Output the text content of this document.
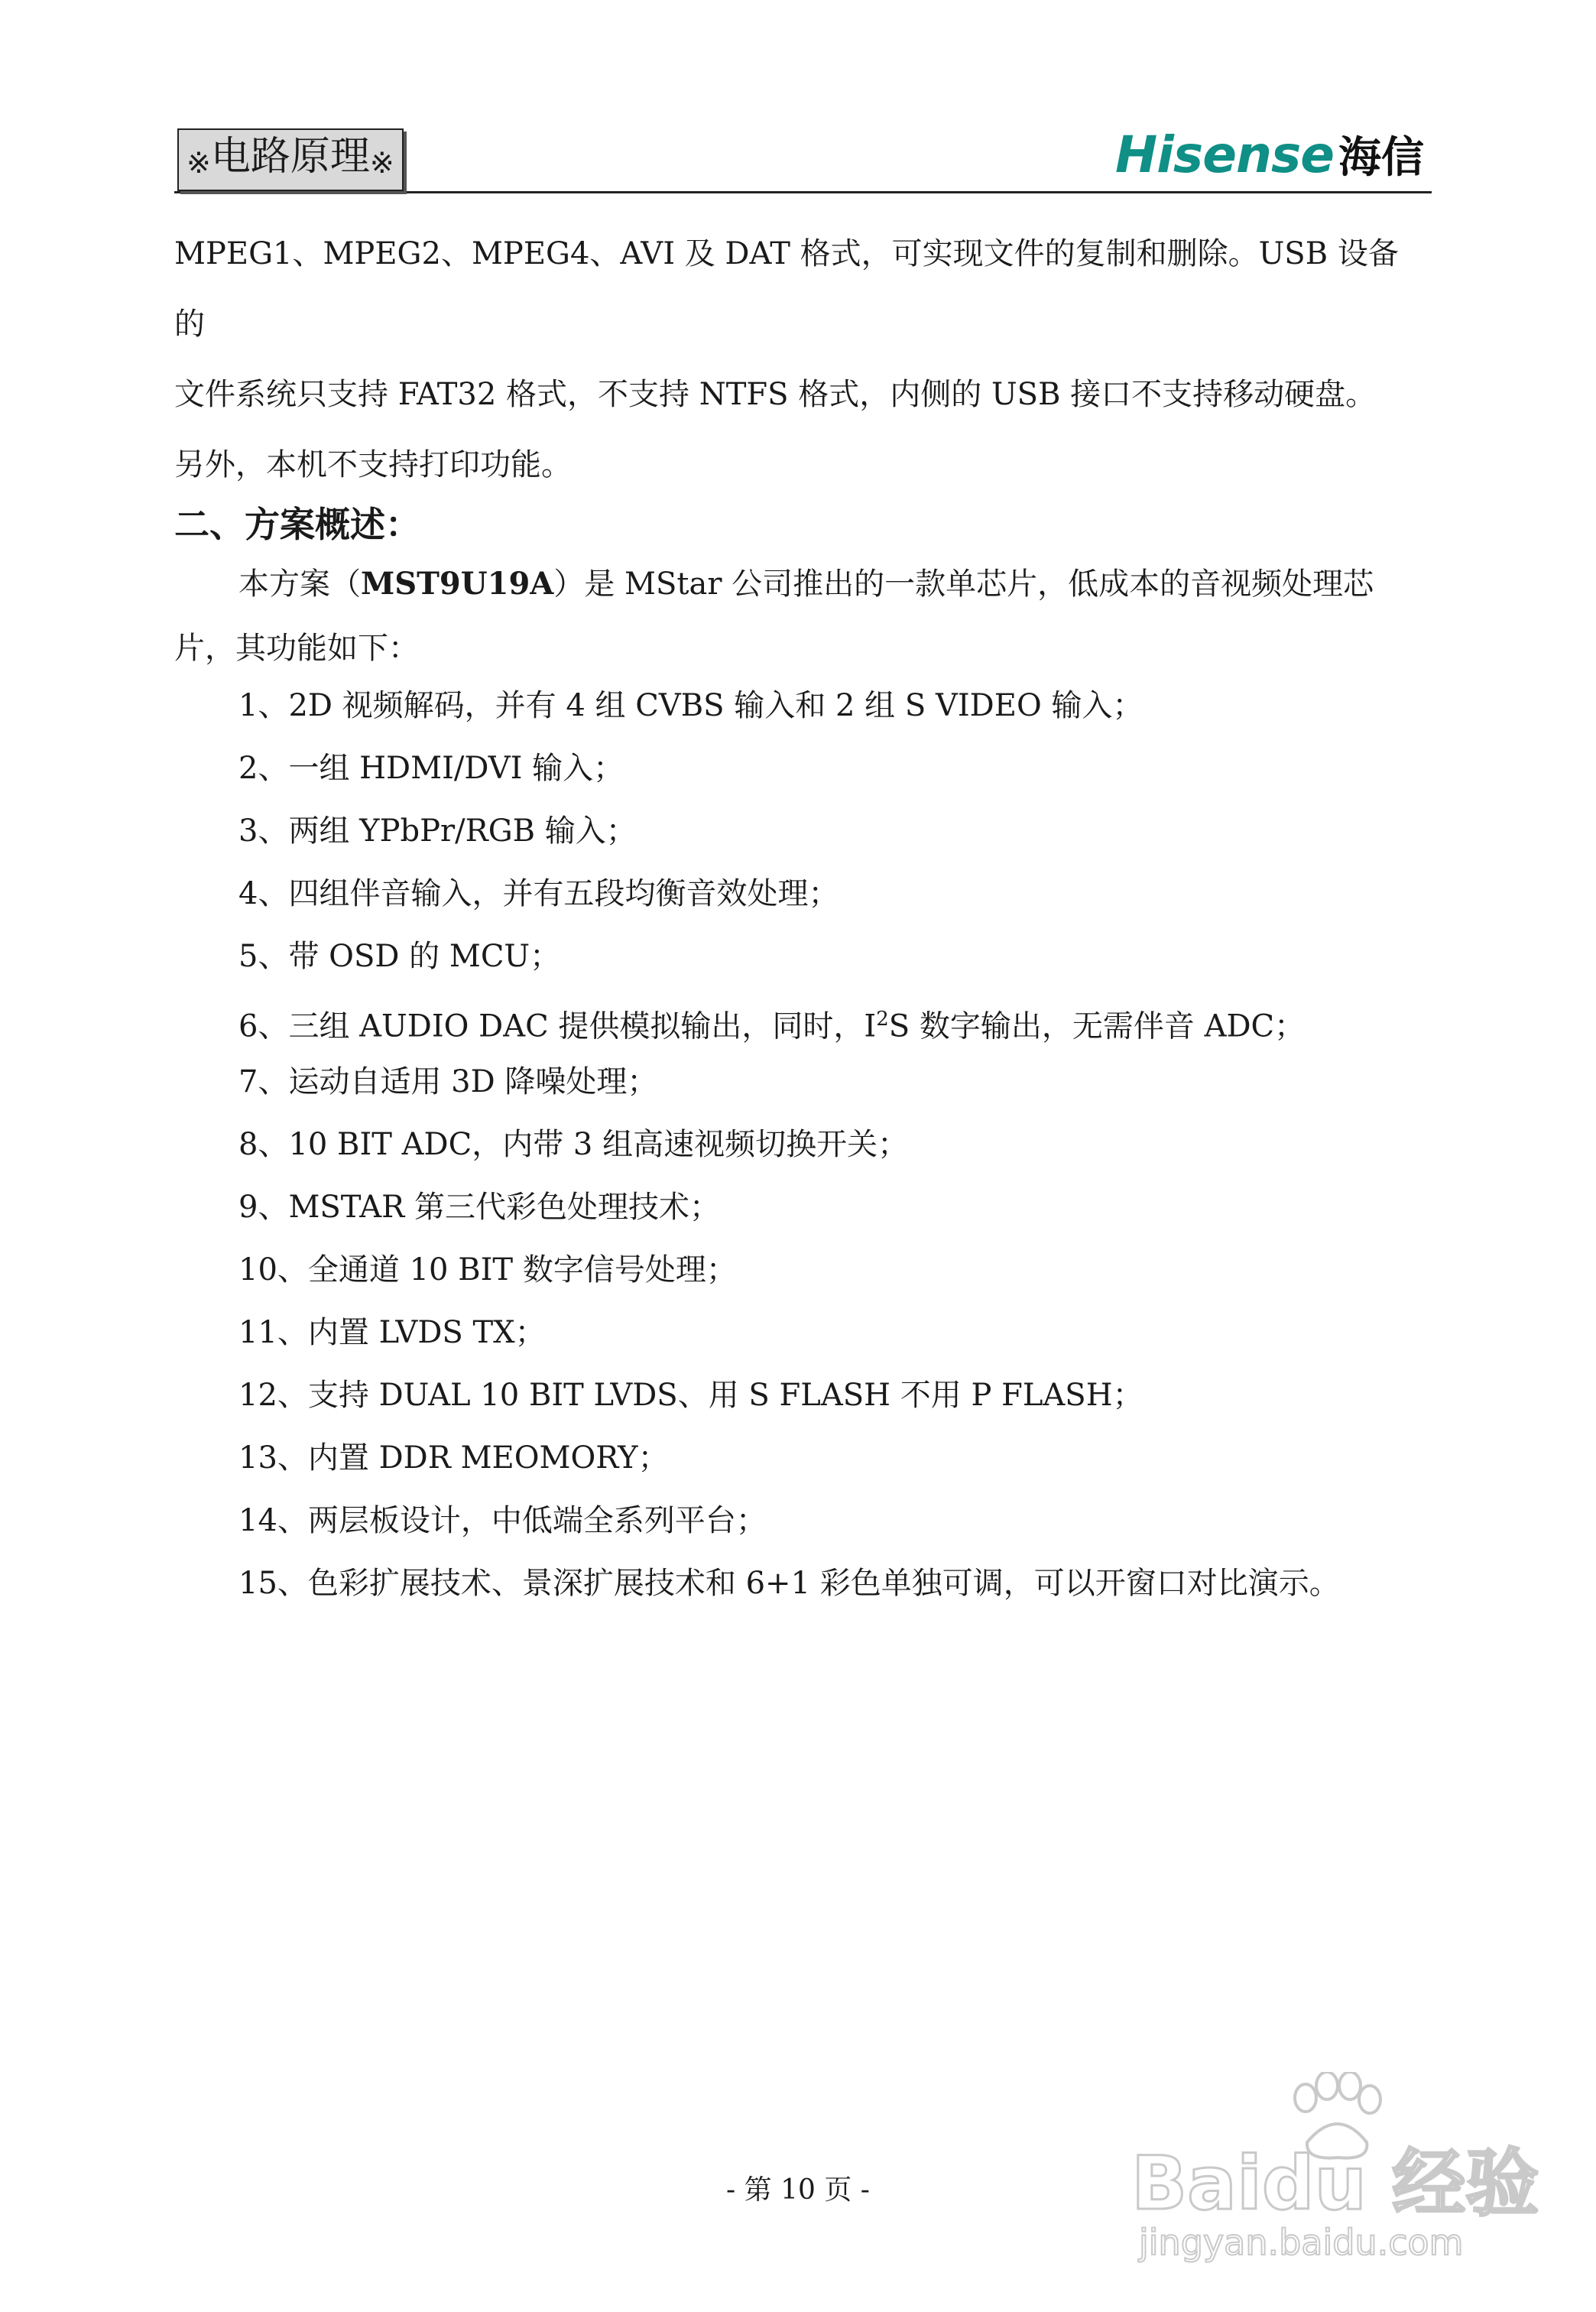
※电路原理※	Hisense 海信

MPEG1、MPEG2、MPEG4、AVI 及 DAT 格式，可实现文件的复制和删除。USB 设备的

文件系统只支持 FAT32 格式，不支持 NTFS 格式，内侧的 USB 接口不支持移动硬盘。

另外，本机不支持打印功能。

二、方案概述：
本方案（MST9U19A）是 MStar 公司推出的一款单芯片，低成本的音视频处理芯片，其功能如下：
1、2D 视频解码，并有 4 组 CVBS 输入和 2 组 S VIDEO 输入；
2、一组 HDMI/DVI 输入；
3、两组 YPbPr/RGB 输入；
4、四组伴音输入，并有五段均衡音效处理；
5、带 OSD 的 MCU；
6、三组 AUDIO DAC 提供模拟输出，同时，$I^2S$ 数字输出，无需伴音 ADC；
7、运动自适用 3D 降噪处理；
8、10 BIT ADC，内带 3 组高速视频切换开关；
9、MSTAR 第三代彩色处理技术；
10、全通道 10 BIT 数字信号处理；
11、内置 LVDS TX；
12、支持 DUAL 10 BIT LVDS、用 S FLASH 不用 P FLASH；
13、内置 DDR MEOMORY；
14、两层板设计，中低端全系列平台；
15、色彩扩展技术、景深扩展技术和 6+1 彩色单独可调，可以开窗口对比演示。
- 第 10 页 -	Baidu 经验
jingyan.baidu.com
